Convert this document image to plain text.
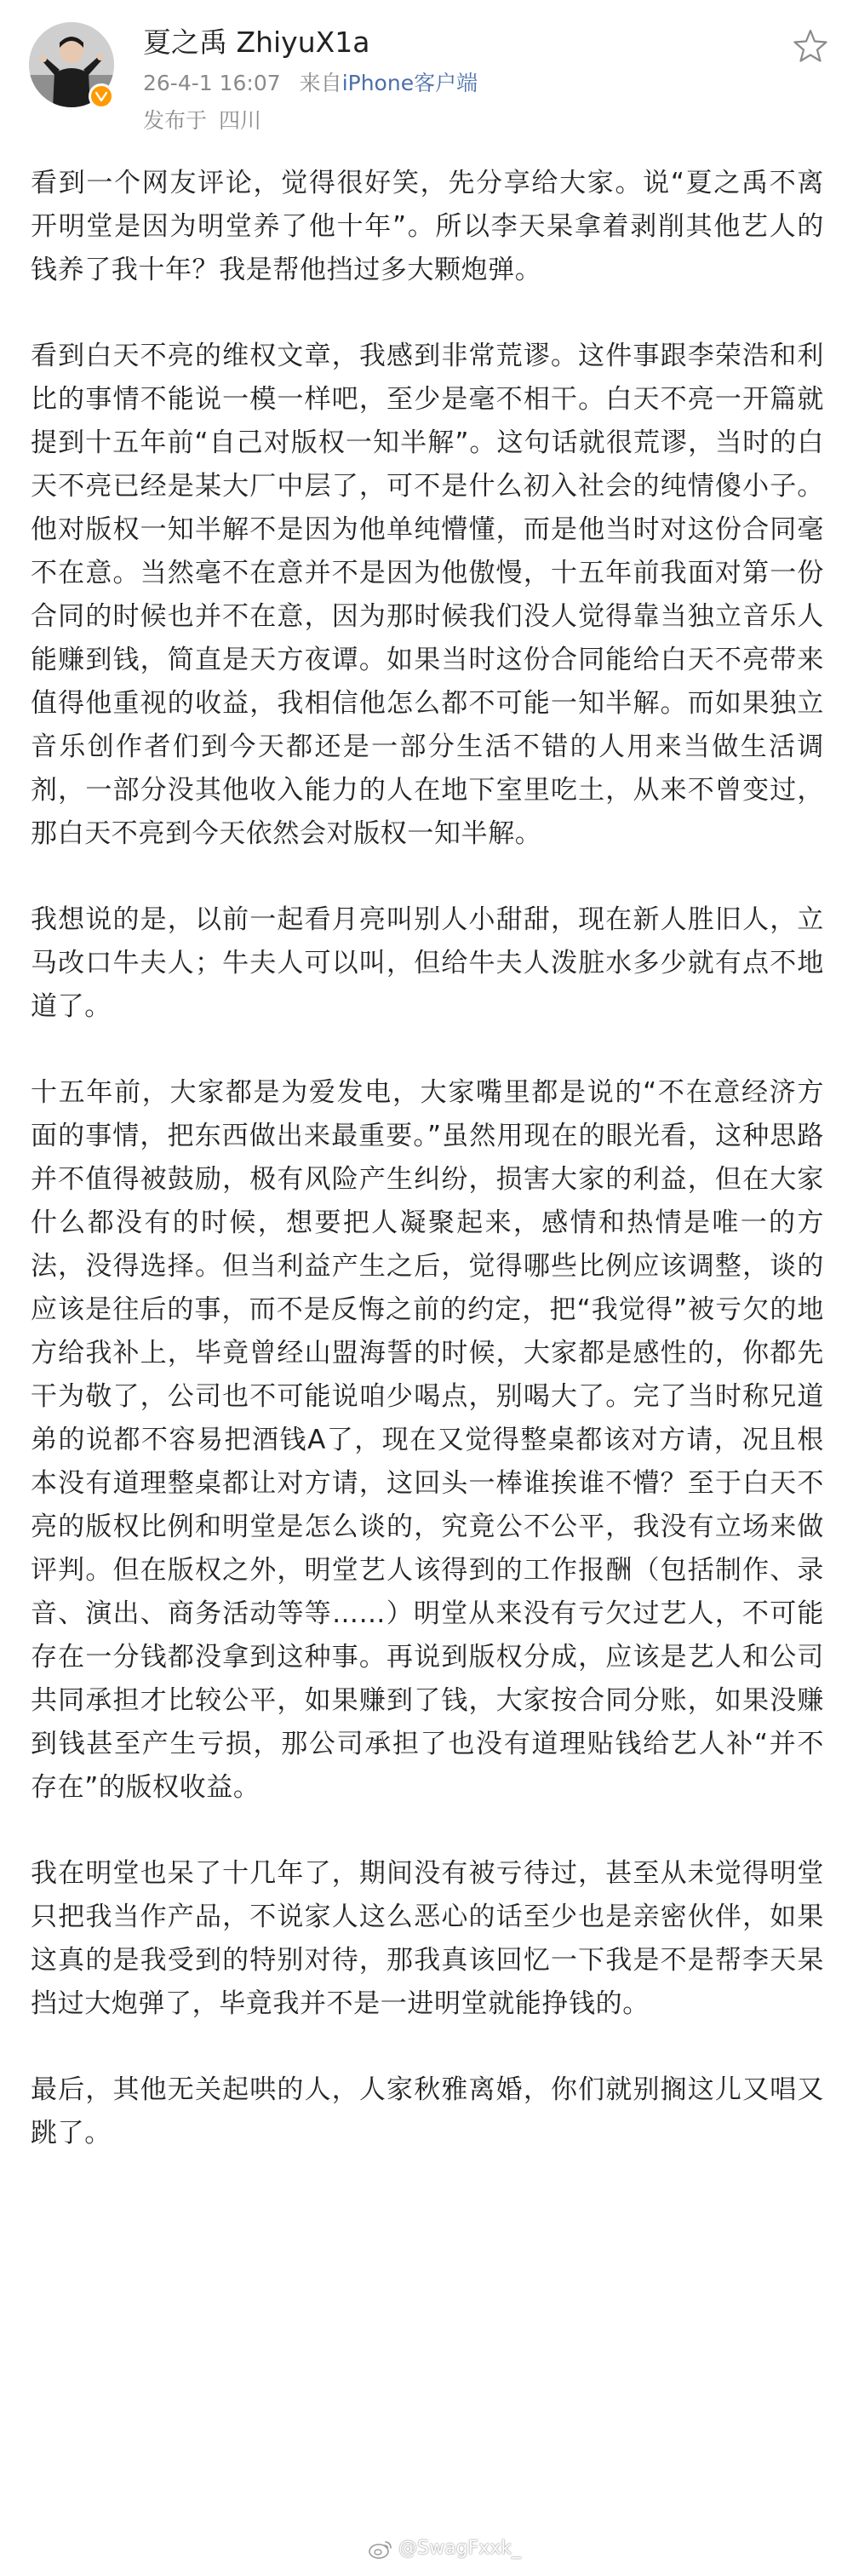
夏之禹 ZhiyuX1a
26-4-1 16:07 来自iPhone客户端
发布于 四川

看到一个网友评论，觉得很好笑，先分享给大家。说“夏之禹不离开明堂是因为明堂养了他十年”。所以李天杲拿着剥削其他艺人的钱养了我十年？我是帮他挡过多大颗炮弹。

看到白天不亮的维权文章，我感到非常荒谬。这件事跟李荣浩和利比的事情不能说一模一样吧，至少是毫不相干。白天不亮一开篇就提到十五年前“自己对版权一知半解”。这句话就很荒谬，当时的白天不亮已经是某大厂中层了，可不是什么初入社会的纯情傻小子。他对版权一知半解不是因为他单纯懵懂，而是他当时对这份合同毫不在意。当然毫不在意并不是因为他傲慢，十五年前我面对第一份合同的时候也并不在意，因为那时候我们没人觉得靠当独立音乐人能赚到钱，简直是天方夜谭。如果当时这份合同能给白天不亮带来值得他重视的收益，我相信他怎么都不可能一知半解。而如果独立音乐创作者们到今天都还是一部分生活不错的人用来当做生活调剂，一部分没其他收入能力的人在地下室里吃土，从来不曾变过，那白天不亮到今天依然会对版权一知半解。

我想说的是，以前一起看月亮叫别人小甜甜，现在新人胜旧人，立马改口牛夫人；牛夫人可以叫，但给牛夫人泼脏水多少就有点不地道了。

十五年前，大家都是为爱发电，大家嘴里都是说的“不在意经济方面的事情，把东西做出来最重要。”虽然用现在的眼光看，这种思路并不值得被鼓励，极有风险产生纠纷，损害大家的利益，但在大家什么都没有的时候，想要把人凝聚起来，感情和热情是唯一的方法，没得选择。但当利益产生之后，觉得哪些比例应该调整，谈的应该是往后的事，而不是反悔之前的约定，把“我觉得”被亏欠的地方给我补上，毕竟曾经山盟海誓的时候，大家都是感性的，你都先干为敬了，公司也不可能说咱少喝点，别喝大了。完了当时称兄道弟的说都不容易把酒钱A了，现在又觉得整桌都该对方请，况且根本没有道理整桌都让对方请，这回头一棒谁挨谁不懵？至于白天不亮的版权比例和明堂是怎么谈的，究竟公不公平，我没有立场来做评判。但在版权之外，明堂艺人该得到的工作报酬（包括制作、录音、演出、商务活动等等……）明堂从来没有亏欠过艺人，不可能存在一分钱都没拿到这种事。再说到版权分成，应该是艺人和公司共同承担才比较公平，如果赚到了钱，大家按合同分账，如果没赚到钱甚至产生亏损，那公司承担了也没有道理贴钱给艺人补“并不存在”的版权收益。

我在明堂也呆了十几年了，期间没有被亏待过，甚至从未觉得明堂只把我当作产品，不说家人这么恶心的话至少也是亲密伙伴，如果这真的是我受到的特别对待，那我真该回忆一下我是不是帮李天杲挡过大炮弹了，毕竟我并不是一进明堂就能挣钱的。

最后，其他无关起哄的人，人家秋雅离婚，你们就别搁这儿又唱又跳了。

@SwagFxxk_
